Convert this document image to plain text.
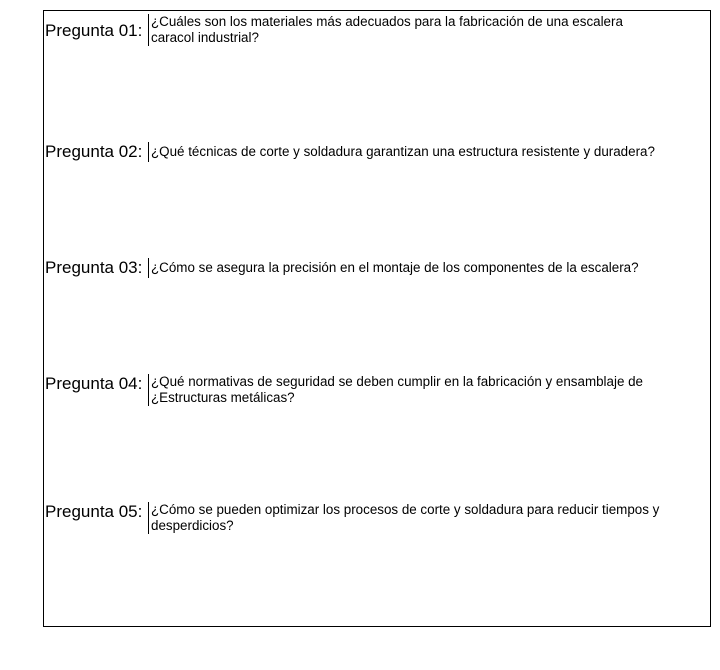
Pregunta 01: ¿Cuáles son los materiales más adecuados para la fabricación de una escalera
caracol industrial?
Pregunta 02: ¿Qué técnicas de corte y soldadura garantizan una estructura resistente y duradera?
Pregunta 03: ¿Cómo se asegura la precisión en el montaje de los componentes de la escalera?
Pregunta 04: ¿Qué normativas de seguridad se deben cumplir en la fabricación y ensamblaje de
¿Estructuras metálicas?
Pregunta 05: ¿Cómo se pueden optimizar los procesos de corte y soldadura para reducir tiempos y
desperdicios?
